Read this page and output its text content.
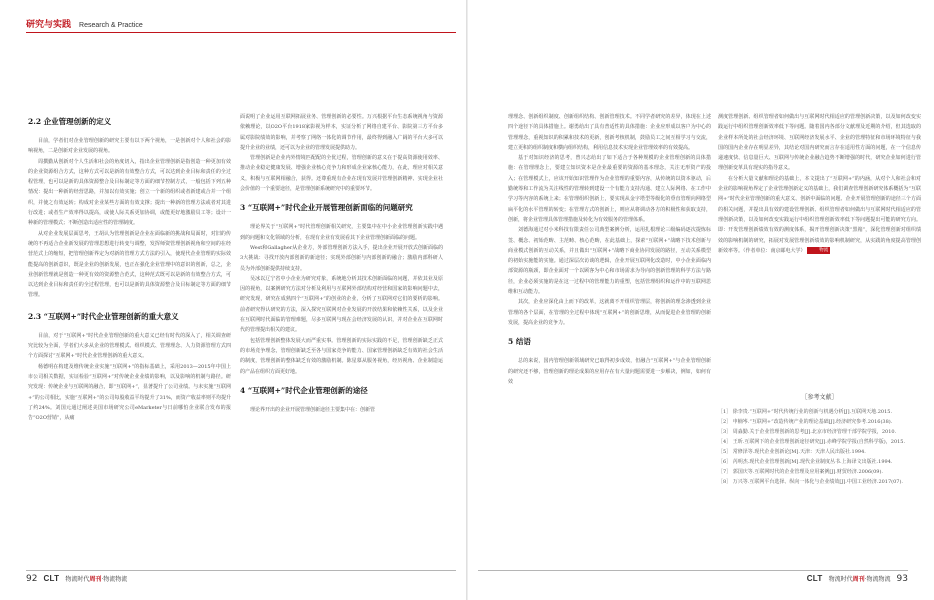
研究与实践 Research & Practice
2.2 企业管理创新的定义
目前，学者们对企业管理创新的研究主要有以下两个视角，一是创新对个人和社会的影响视角，二是创新对企业发展的视角。
周撰勤从创新对个人生活和社会的角度切入，指出企业管理创新是指创造一种更加有效的企业资源组合方式，这种方式可以是新的有效整合方式，可以达到企业目标和责任的全过程管理，也可以是新的具体资源整合及目标制定等方面的细节控制方式，一般包括下列五种情况：提出一种新的经营思路，并加以有效实施；创立一个新的组织或者新建或合并一个组织，并使之有效运转；构成对企业某些方面的有效支撑；提出一种新的管理方法或者对其进行改进；或者生产效率得以提高，或使人际关系更加协调，或能更好地激励员工等；设计一种新的管理模式；不断创造出适应性的管理制度。
从对企业发展层面思考，王胡认为管理创新是企业在面临新的挑战和局面时，对旧的传统的不再适合企业新发展的管理思想进行转变与调整，发挥师资管理创新视角和空间的在经营范式上的缩短，把管理创新界定为对新的管理方式方法的引入，使现代企业管理的实际效能提高的创新意识，既是企业的创新发展，也正在强化企业管理中的意识的创新，总之，企业创新管理就是创造一种更有效的资源整合范式，这种范式既可以是新的有效整合方式，可以达到企业目标和责任的全过程管理，也可以是新的具体资源整合及目标制定等方面的细节管理。
2.3 “互联网+”时代企业管理创新的重大意义
目前，对于“互联网+”时代企业管理创新的重大意义已经有时代的深入了，相关调查研究比较为全面，学者们大多从企业的管理模式、组织模式、管理理念、人力资源管理方式四个方面探讨“互联网+”时代企业管理创新的重大意义。
杨德明在构建及维传统企业实施“互联网+”的指标基础上，采用2013—2015年中国上市公司相关数据，实证检验“互联网+”对传统企业业绩的影响，以及影响的机制与路径。研究发现：传统企业与互联网的融合，即“互联网+”，显著提升了公司业绩。与未实施“互联网+”的公司相比，实施“互联网+”的公司每股收益平均提升了31%，而资产收益率则平均提升了约24%。刘国元通过阐述美国市场研究公司eMarketer与日前哪怕企业联合发布的报告“O2O营销”，从痛
面说明了企业运用互联网拓展业务、管理创新的必要性。万兴根据平台生态系统视角与资源依赖理论，以O2O平台1918家影视为样本，实证分析了网络自建平台、影院第三方平台多属对影院绩效的影响，并考察了网络一体化的调节作用，最终得到融入广阔的平台大多可以提升企业的业绩，还可以为企业的管理发展提供助力。
管理创新是企业内外情境匹配配的全优过程，管理创新的意义在于提高资源使用效率、推动企业稳定健康发展、增强企业核心竞争力和形成企业家核心能力，在此，理应对相关意义，积极与互联网相融合，获得。还尊重现有企业在现有发展并管理创新精神、实现企业社会价值的一个重要途径，是管理创新系统研究中的重要环节。
3 “互联网+”时代企业开展管理创新面临的问题研究
理论界关于“互联网+”时代管理创新相关研究，主要集中在中小企业管理创新实践中遇到的问题和文化领域的分析，在现有企业有发展看其下企业管理创新面临的问题。
West和Gallagher从企业方，外部管理创新方法入手，提出企业开展开放式创新面临的3大挑战：寻找开放内部创新的新途径；实现外部创新与内部创新的融合；激励内部科研人员为外部创新提供持续支持。
吴冰以辽宁省中小企业为研究对象，系统地分析其技术创新面临的问题，并依其业及原因的视角，以案例研究方法对分析及利用与互联网外部结构对经营和国家的影响问题中去，研究发现，研究在成熟四个“互联网+”的创业的企业，分析了互联网对它们的要析的影响。前者研究得认研究的方法，深入探究互联网对企业发展的开放结果和依赖性关系，以及企业在互联网时代面临的管理难题，尽多互联网与现在会经济发展的认识，并对企业在互联网时代的管理提出相关的建议。
包括管理创新整体发展大而严重实事。管理创新的实际实践的不足，管理创新缺乏正式的市场竞争理念，管理创新缺乏至各与国家竞争的能力、国家管理创新缺乏有效的社会生活的制度，管理创新的整体缺乏有效的激励机制。陈星慕从服务视角，经历视角、企业制造运的产品在组织方面更好地。
4 “互联网+”时代企业管理创新的途径
理论界开出的企业开展管理创新途径主要集中在：创新管
理理念、创新组织制度、创新组织结构、创新管理技术。不同学者研究的差异，体现在上述四个途径下的具体措施上。谢勇给出了具有普适性的具体措施：企业应形成以客户为中心的管理理念，重视知识的积累和技术的更新，创新考核机制，鼓励员工之间互相学习与交流，建立更积的组织制度和横向组织结构，利用信息技术实现企业管理效率的有效提高。
基于对知识经济的思考，曾兴志给出了如下适合于各种规模的企业管理创新的具体措施：在管理理念上，要建立知识资本是企业最重要的资源的基本理念，关注无形资产的投入；在管理模式上，应该开始知识管理作为企业管理的重要内容，从传统的以资本驱动，后勤统筹和工作流为关注线性的管理转到建设一个有能力支持沟通、建立人际网络、在工作中学习等内容的系统上来；在管理组织创新上，要实现从金字塔型等级化的垂直管理向网络型扁平化的水平管理的转变；在管理方式的创新上，则应从将调动各方的积极性和获取支持，创新，将企业管理具体管理措施及转化为有效服务的管理体系。
刘德海通过对小米科技有限责任公司典型案例分析，运用扎根理论三级编码逐次提炼标签、概念、初始范畴、主范畴、核心范畴，在此基础上，探索“互联网+”战略下技术创新与商业模式创新的互动关系，并且做出“互联网+”战略下商业协同发展的路径，互动关系模型的初始实施能的实施。通过深层次访谈的逻辑，企业开展互联网化改造时，中小企业面临内部资源的瓶颈，即企业面对一个以顾客为中心和市场需求为导向的创新管理的科学方法与路径，企业必须实施的是在这一过程中的管理能力的重塑，包括管理组织和运作中的互联网思维和互动能力。
其次，企业应深化由上而下的改革，这就离不开组织管理层，将创新的理念渗透到企业管理的各个层面，在管理的全过程中体现“互联网+”的创新思维，从而促进企业管理的创新发展，提高企业的竞争力。
5 结语
总的来说，国内管理创新领域研究已取得初步成效，但融合“互联网+”与企业管理创新的研究还不够，管理创新的理论成果的应用存在有大量问题需要进一步解决，例如，如何有效
测度管理创新、组织管理者如何做出与互联网时代相适应的管理创新决策，以及如何改变实践运行中组织管理创新效率低下等问题。随着国内各部分文献理及近期的介绍，但其选取的企业样本所处的社会经济环境、互联网经济发展水平、企业的管理特征和市场环境特征与我国的国内企业存在明显差异，其结论对国内研究而言存在适用性方面的问题，在一个信息传递速度快、信息量巨大、互联网与传统企业融合趋势不断增强的时代，研究企业如何进行管理创新变革具有现实的指导意义。
在分析大量文献和理论的基础上，本文提出了“互联网+”的内涵，从对个人和社会和对企业的影响视角界定了企业管理创新定义的基础上，我们调查管理创新研究体系概括为“互联网+”时代企业管理创新的重大意义、创新中面临的问题、企业开展管理创新的途径三个方面的相关问题，并提出具有效的建设管理创新、组织管理者如何做出与互联网时代相适应的管理创新决策，以及如何改变实践运行中组织管理创新效率低下等问题提出可能的研究方向。即：开发管理创新绩效有效的测度体系，揭开管理创新决策“黑箱”，深化管理创新对组织绩效的影响机制的研究，拓展对发展管理创新绩效的影响机制研究，从实践的角度提高管理创新效率等。（作者单位：南京邮电大学）	物流
［参考文献］
［1］ 徐李贵.“互联网+”时代传统行业的创新与机遇分析[J].互联网天地.2015.
［2］ 申楠岑.“互联网+”改造传统产业的理论基础[J].经济研究参考.2016(38).
［3］ 周淼勤.关于企业管理创新的思考[J].北京市经济管理干部学院学报，2010.
［4］ 王昕.互联网下的企业管理创新途径研究[J].赤峰学院学报(自然科学版)，2015.
［5］ 常修泽等.现代企业创新论[M].天津：天津人民出版社.1994.
［6］ 芮明杰.现代企业管理创新[M].现代企业制度丛书.上海译文出版社.1994.
［7］ 郭国庆等.互联网时代的企业管理及应用案例[J].财贸经济.2006(09).
［8］ 万兴等.互联网平台选择、纵向一体化与企业绩效[J].中国工业经济.2017(07).
92 CLT 物流时代周刊·物流物流	CLT 物流时代周刊·物流物流 93
